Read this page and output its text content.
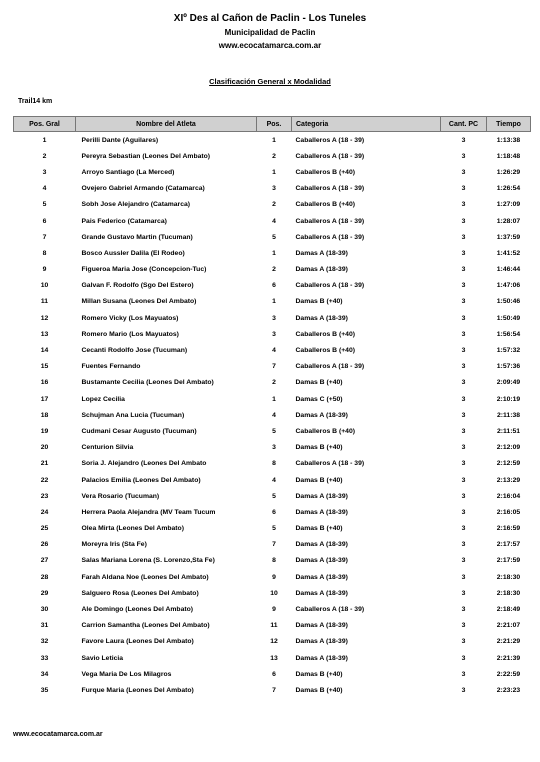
XIº Des al Cañon de Paclin - Los Tuneles
Municipalidad de Paclin
www.ecocatamarca.com.ar
Clasificación General x Modalidad
Trail14 km
Pos. Gral	Nombre del Atleta	Pos.	Categoria	Cant. PC	Tiempo
1	Perilli Dante (Aguilares)	1	Caballeros A (18 - 39)	3	1:13:38
2	Pereyra Sebastian (Leones Del Ambato)	2	Caballeros A (18 - 39)	3	1:18:48
3	Arroyo Santiago (La Merced)	1	Caballeros B (+40)	3	1:26:29
4	Ovejero Gabriel Armando (Catamarca)	3	Caballeros A (18 - 39)	3	1:26:54
5	Sobh Jose Alejandro (Catamarca)	2	Caballeros B (+40)	3	1:27:09
6	Pais Federico (Catamarca)	4	Caballeros A (18 - 39)	3	1:28:07
7	Grande Gustavo Martin (Tucuman)	5	Caballeros A (18 - 39)	3	1:37:59
8	Bosco Aussler Dalila (El Rodeo)	1	Damas A (18-39)	3	1:41:52
9	Figueroa Maria Jose (Concepcion-Tuc)	2	Damas A (18-39)	3	1:46:44
10	Galvan F. Rodolfo (Sgo Del Estero)	6	Caballeros A (18 - 39)	3	1:47:06
11	Millan Susana (Leones Del Ambato)	1	Damas B (+40)	3	1:50:46
12	Romero Vicky (Los Mayuatos)	3	Damas A (18-39)	3	1:50:49
13	Romero Mario (Los Mayuatos)	3	Caballeros B (+40)	3	1:56:54
14	Cecanti Rodolfo Jose (Tucuman)	4	Caballeros B (+40)	3	1:57:32
15	Fuentes Fernando	7	Caballeros A (18 - 39)	3	1:57:36
16	Bustamante Cecilia (Leones Del Ambato)	2	Damas B (+40)	3	2:09:49
17	Lopez Cecilia	1	Damas C (+50)	3	2:10:19
18	Schujman Ana Lucia (Tucuman)	4	Damas A (18-39)	3	2:11:38
19	Cudmani Cesar Augusto (Tucuman)	5	Caballeros B (+40)	3	2:11:51
20	Centurion Silvia	3	Damas B (+40)	3	2:12:09
21	Soria J. Alejandro (Leones Del Ambato	8	Caballeros A (18 - 39)	3	2:12:59
22	Palacios Emilia (Leones Del Ambato)	4	Damas B (+40)	3	2:13:29
23	Vera Rosario (Tucuman)	5	Damas A (18-39)	3	2:16:04
24	Herrera Paola Alejandra (MV Team Tucum	6	Damas A (18-39)	3	2:16:05
25	Olea Mirta (Leones Del Ambato)	5	Damas B (+40)	3	2:16:59
26	Moreyra Iris (Sta Fe)	7	Damas A (18-39)	3	2:17:57
27	Salas Mariana Lorena (S. Lorenzo,Sta Fe)	8	Damas A (18-39)	3	2:17:59
28	Farah Aldana Noe (Leones Del Ambato)	9	Damas A (18-39)	3	2:18:30
29	Salguero Rosa (Leones Del Ambato)	10	Damas A (18-39)	3	2:18:30
30	Ale Domingo (Leones Del Ambato)	9	Caballeros A (18 - 39)	3	2:18:49
31	Carrion Samantha (Leones Del Ambato)	11	Damas A (18-39)	3	2:21:07
32	Favore Laura (Leones Del Ambato)	12	Damas A (18-39)	3	2:21:29
33	Savio Leticia	13	Damas A (18-39)	3	2:21:39
34	Vega Maria De Los Milagros	6	Damas B (+40)	3	2:22:59
35	Furque Maria (Leones Del Ambato)	7	Damas B (+40)	3	2:23:23
www.ecocatamarca.com.ar
